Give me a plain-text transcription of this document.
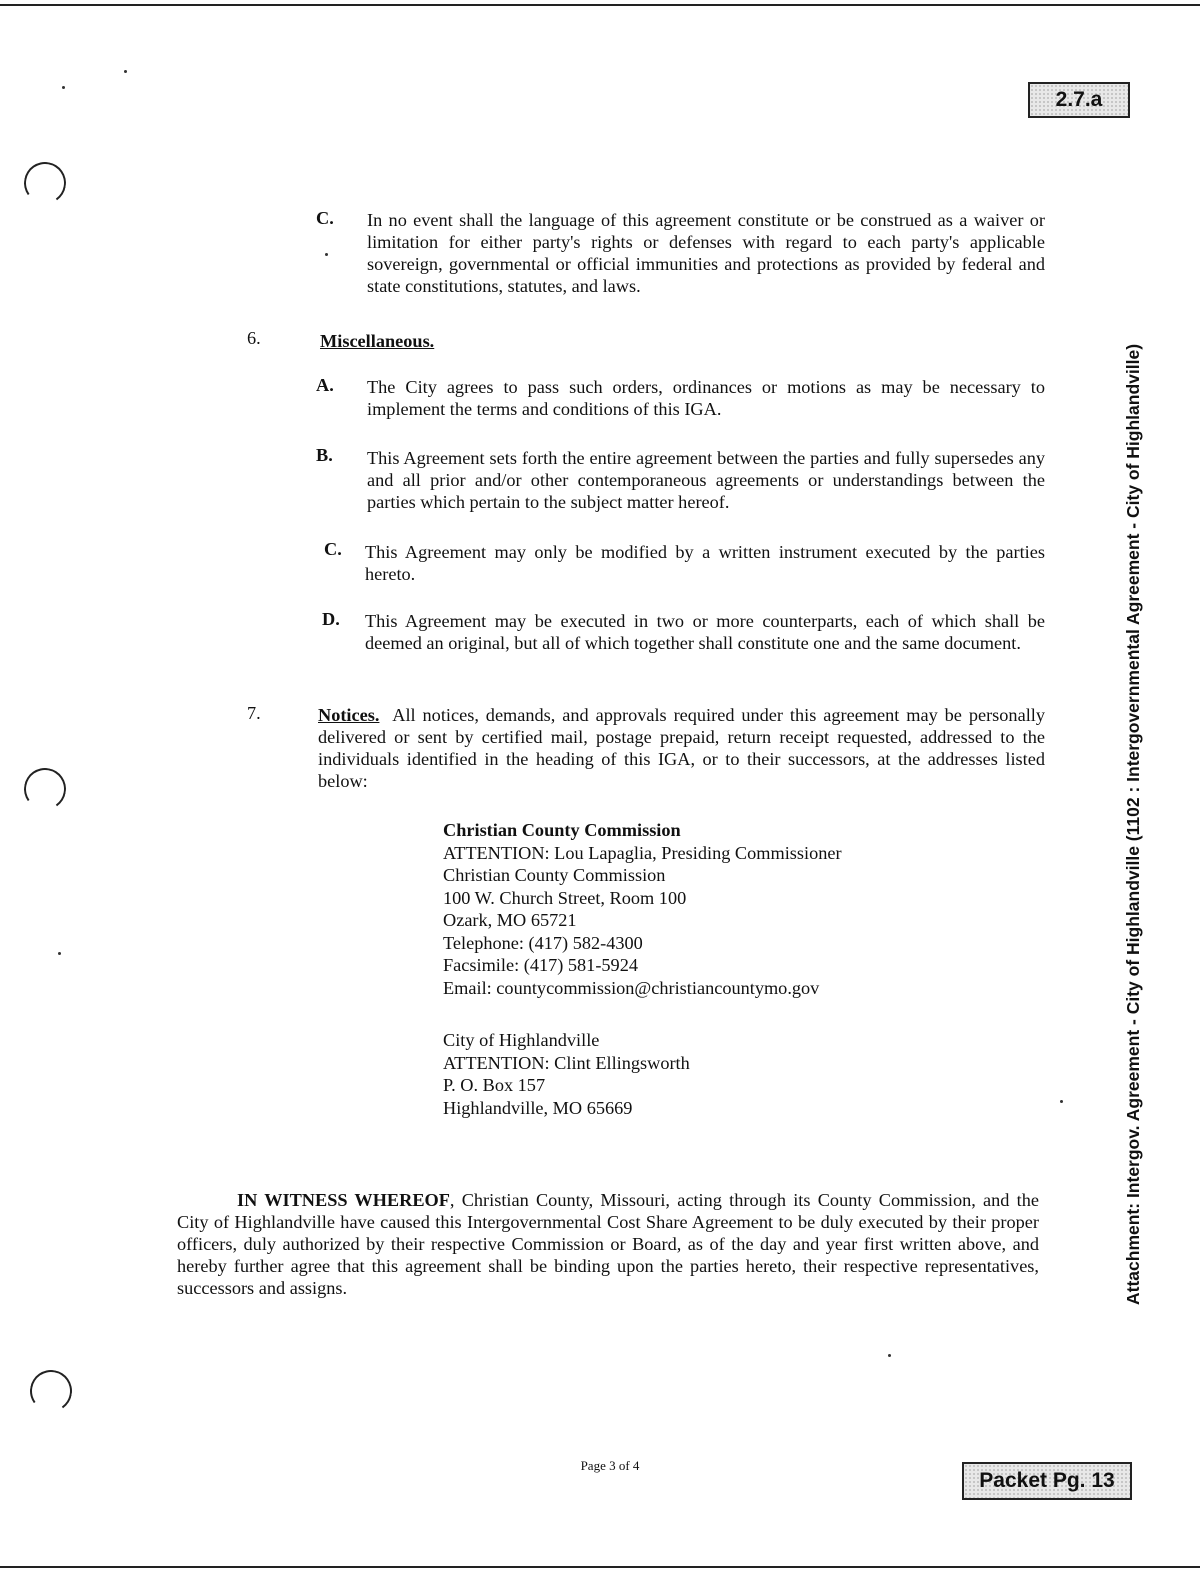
2.7.a
Attachment: Intergov. Agreement - City of Highlandville (1102 : Intergovernmental Agreement - City of Highlandville)
C. In no event shall the language of this agreement constitute or be construed as a waiver or limitation for either party's rights or defenses with regard to each party's applicable sovereign, governmental or official immunities and protections as provided by federal and state constitutions, statutes, and laws.
6.	Miscellaneous.
A. The City agrees to pass such orders, ordinances or motions as may be necessary to implement the terms and conditions of this IGA.
B. This Agreement sets forth the entire agreement between the parties and fully supersedes any and all prior and/or other contemporaneous agreements or understandings between the parties which pertain to the subject matter hereof.
C. This Agreement may only be modified by a written instrument executed by the parties hereto.
D. This Agreement may be executed in two or more counterparts, each of which shall be deemed an original, but all of which together shall constitute one and the same document.
7.	Notices. All notices, demands, and approvals required under this agreement may be personally delivered or sent by certified mail, postage prepaid, return receipt requested, addressed to the individuals identified in the heading of this IGA, or to their successors, at the addresses listed below:
Christian County Commission
ATTENTION: Lou Lapaglia, Presiding Commissioner
Christian County Commission
100 W. Church Street, Room 100
Ozark, MO 65721
Telephone: (417) 582-4300
Facsimile: (417) 581-5924
Email: countycommission@christiancountymo.gov
City of Highlandville
ATTENTION: Clint Ellingsworth
P. O. Box 157
Highlandville, MO 65669
IN WITNESS WHEREOF, Christian County, Missouri, acting through its County Commission, and the City of Highlandville have caused this Intergovernmental Cost Share Agreement to be duly executed by their proper officers, duly authorized by their respective Commission or Board, as of the day and year first written above, and hereby further agree that this agreement shall be binding upon the parties hereto, their respective representatives, successors and assigns.
Page 3 of 4
Packet Pg. 13
